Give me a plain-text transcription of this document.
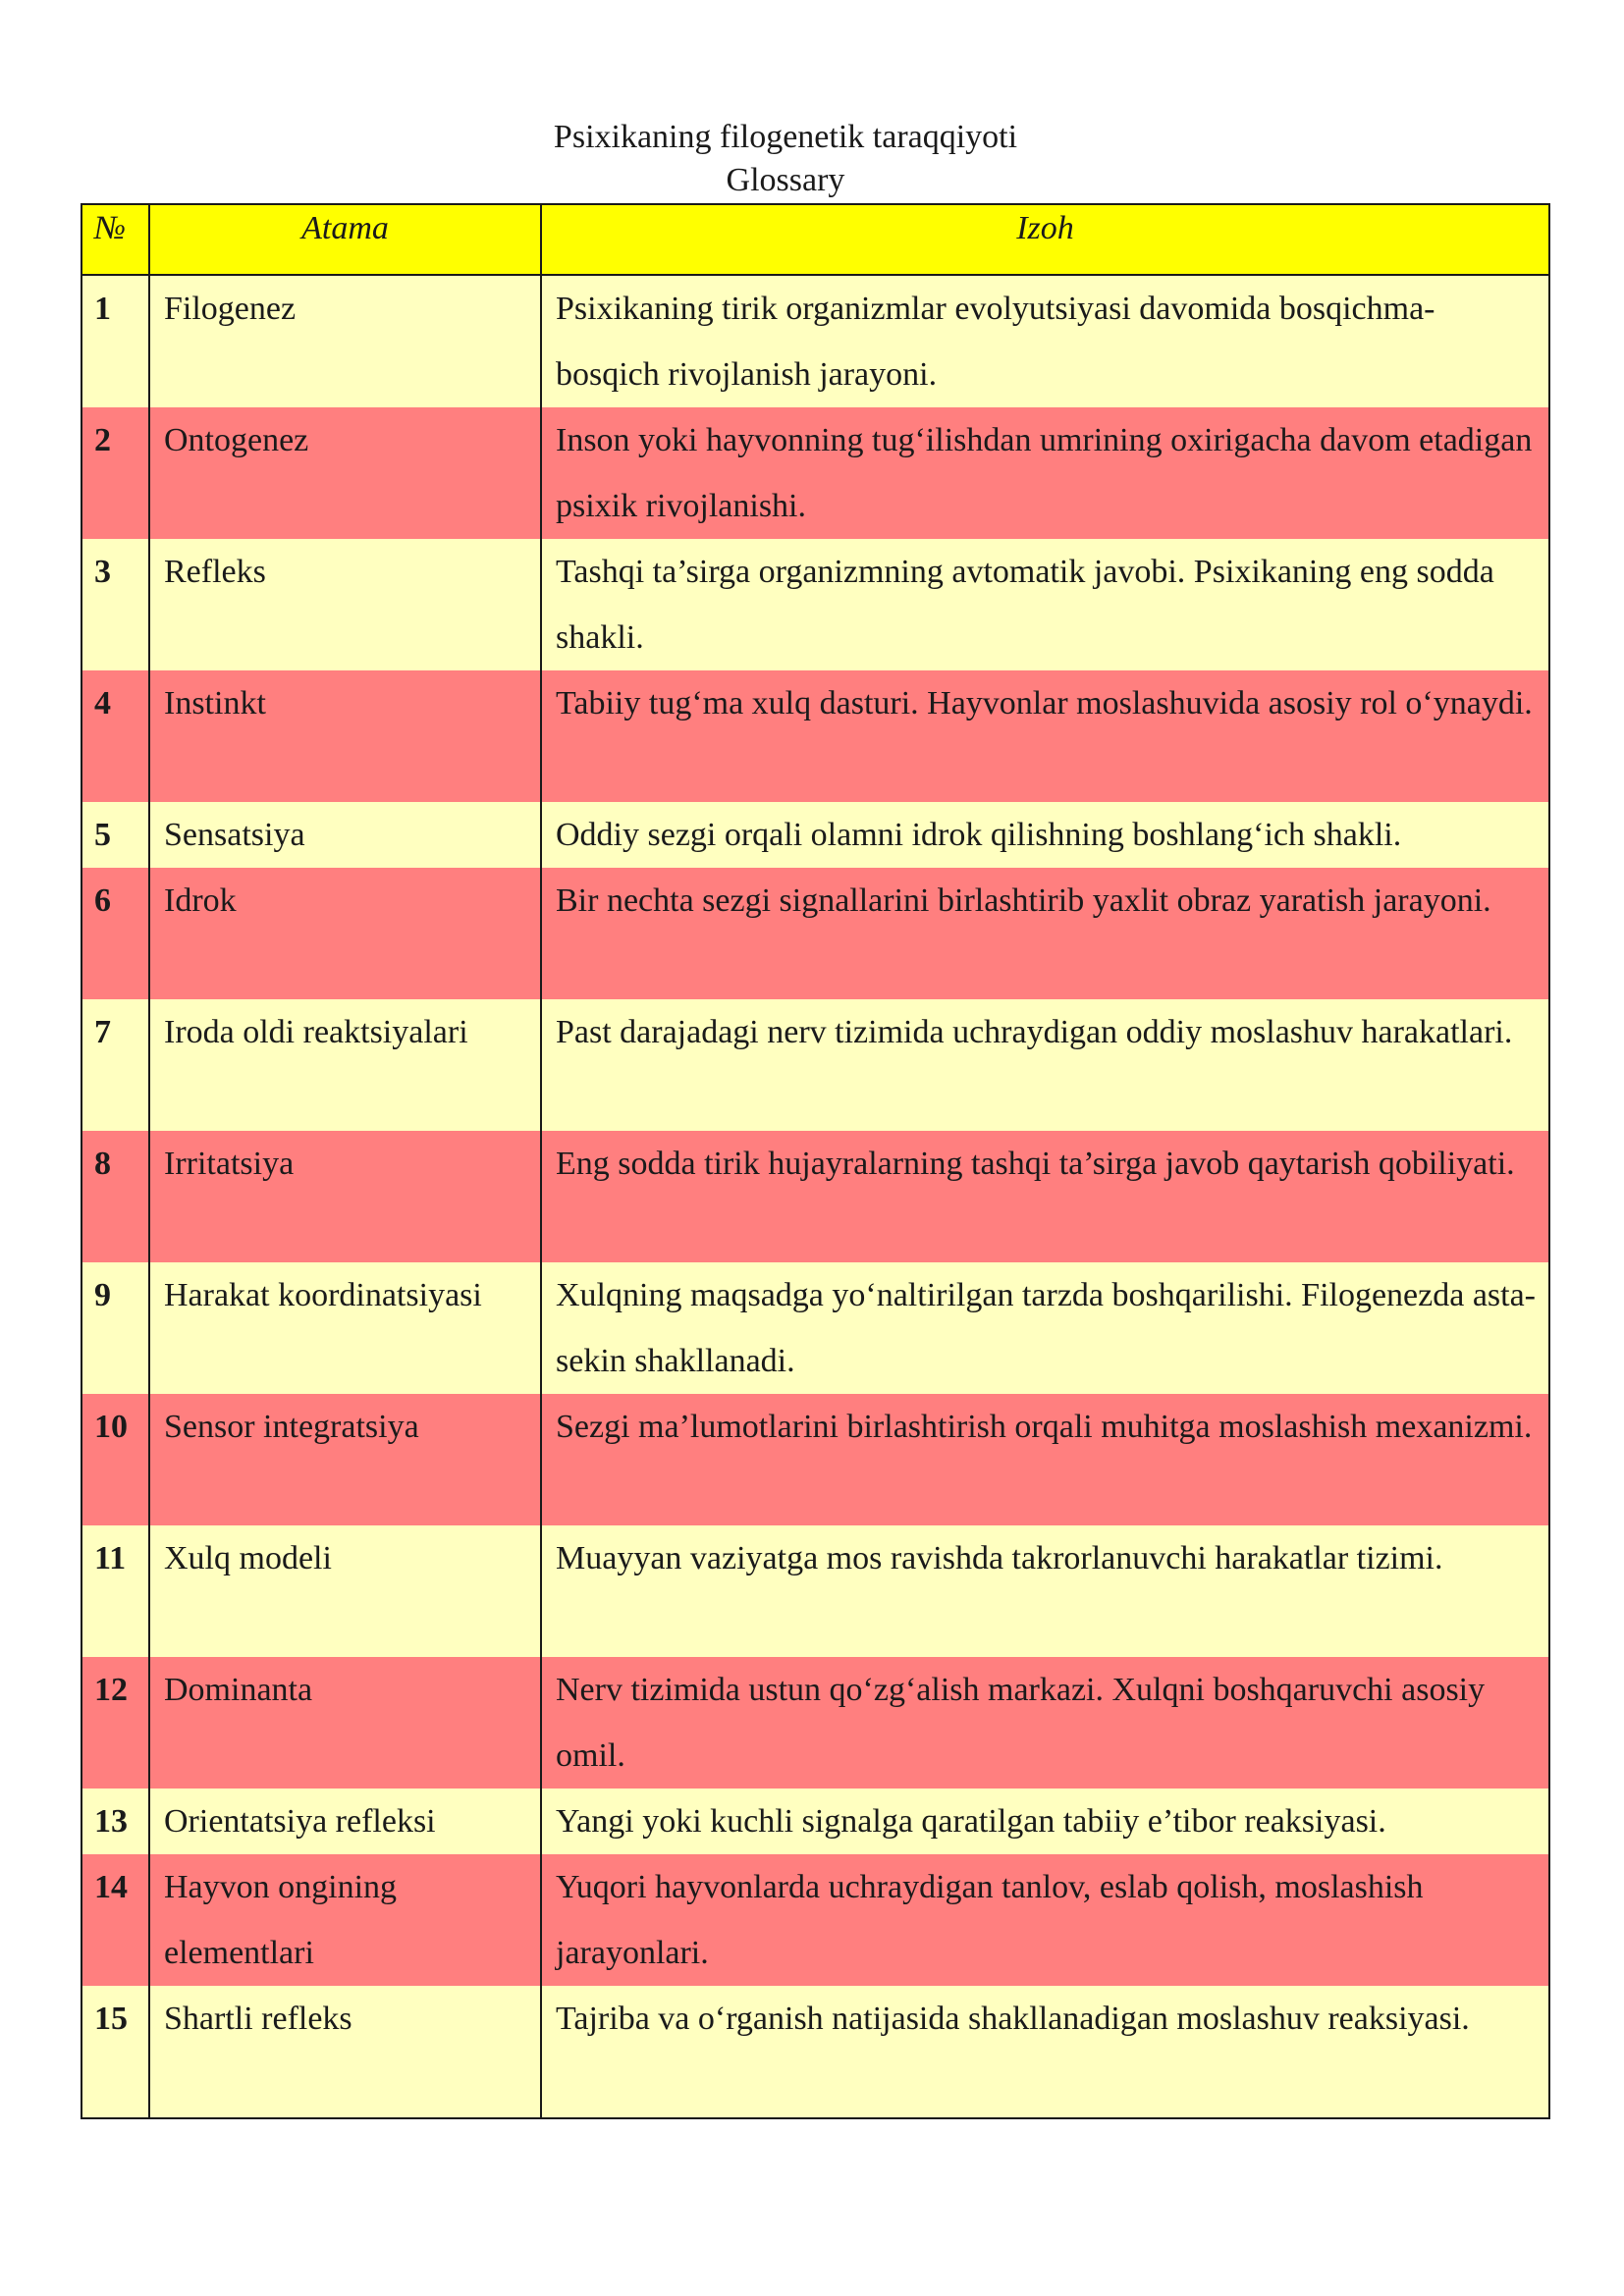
Psixikaning filogenetik taraqqiyoti
Glossary
№	Atama	Izoh
1	Filogenez	Psixikaning tirik organizmlar evolyutsiyasi davomida bosqichma-bosqich rivojlanish jarayoni.
2	Ontogenez	Inson yoki hayvonning tug‘ilishdan umrining oxirigacha davom etadigan psixik rivojlanishi.
3	Refleks	Tashqi ta’sirga organizmning avtomatik javobi. Psixikaning eng sodda shakli.
4	Instinkt	Tabiiy tug‘ma xulq dasturi. Hayvonlar moslashuvida asosiy rol o‘ynaydi.
5	Sensatsiya	Oddiy sezgi orqali olamni idrok qilishning boshlang‘ich shakli.
6	Idrok	Bir nechta sezgi signallarini birlashtirib yaxlit obraz yaratish jarayoni.
7	Iroda oldi reaktsiyalari	Past darajadagi nerv tizimida uchraydigan oddiy moslashuv harakatlari.
8	Irritatsiya	Eng sodda tirik hujayralarning tashqi ta’sirga javob qaytarish qobiliyati.
9	Harakat koordinatsiyasi	Xulqning maqsadga yo‘naltirilgan tarzda boshqarilishi. Filogenezda asta-sekin shakllanadi.
10	Sensor integratsiya	Sezgi ma’lumotlarini birlashtirish orqali muhitga moslashish mexanizmi.
11	Xulq modeli	Muayyan vaziyatga mos ravishda takrorlanuvchi harakatlar tizimi.
12	Dominanta	Nerv tizimida ustun qo‘zg‘alish markazi. Xulqni boshqaruvchi asosiy omil.
13	Orientatsiya refleksi	Yangi yoki kuchli signalga qaratilgan tabiiy e’tibor reaksiyasi.
14	Hayvon ongining elementlari	Yuqori hayvonlarda uchraydigan tanlov, eslab qolish, moslashish jarayonlari.
15	Shartli refleks	Tajriba va o‘rganish natijasida shakllanadigan moslashuv reaksiyasi.
